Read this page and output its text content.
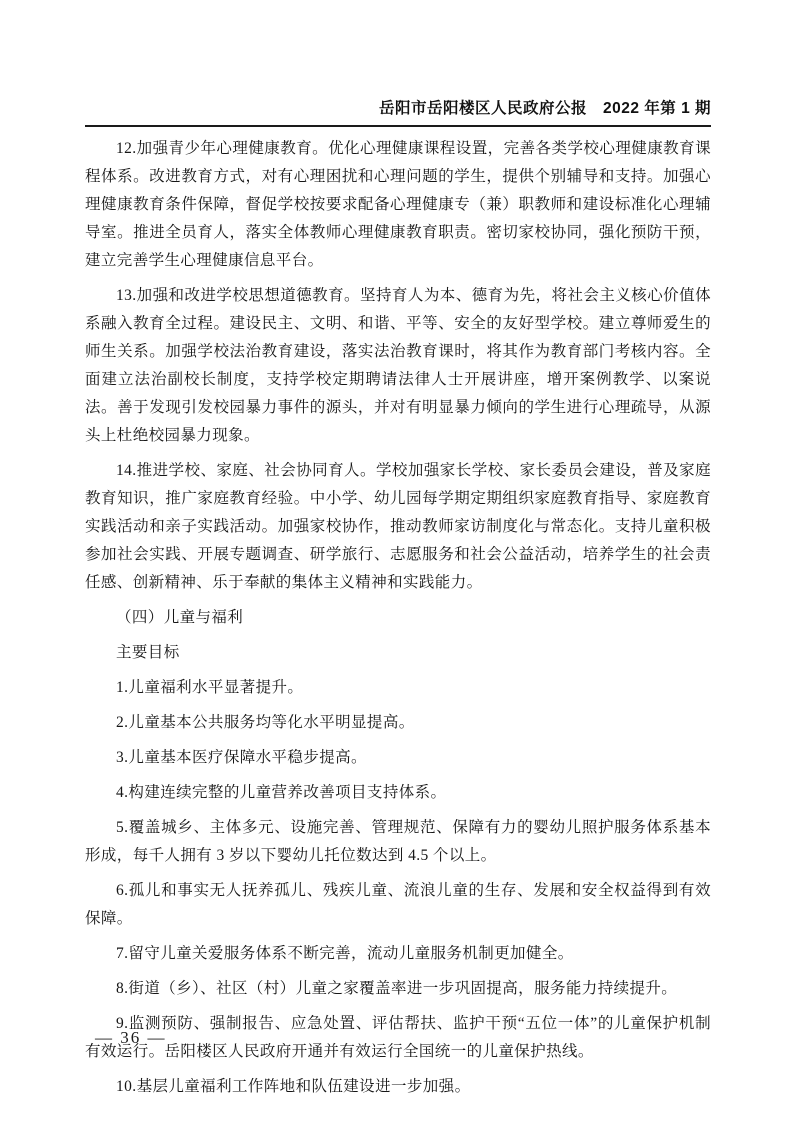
岳阳市岳阳楼区人民政府公报　2022 年第 1 期

12.加强青少年心理健康教育。优化心理健康课程设置，完善各类学校心理健康教育课程体系。改进教育方式，对有心理困扰和心理问题的学生，提供个别辅导和支持。加强心理健康教育条件保障，督促学校按要求配备心理健康专（兼）职教师和建设标准化心理辅导室。推进全员育人，落实全体教师心理健康教育职责。密切家校协同，强化预防干预，建立完善学生心理健康信息平台。

13.加强和改进学校思想道德教育。坚持育人为本、德育为先，将社会主义核心价值体系融入教育全过程。建设民主、文明、和谐、平等、安全的友好型学校。建立尊师爱生的师生关系。加强学校法治教育建设，落实法治教育课时，将其作为教育部门考核内容。全面建立法治副校长制度，支持学校定期聘请法律人士开展讲座，增开案例教学、以案说法。善于发现引发校园暴力事件的源头，并对有明显暴力倾向的学生进行心理疏导，从源头上杜绝校园暴力现象。

14.推进学校、家庭、社会协同育人。学校加强家长学校、家长委员会建设，普及家庭教育知识，推广家庭教育经验。中小学、幼儿园每学期定期组织家庭教育指导、家庭教育实践活动和亲子实践活动。加强家校协作，推动教师家访制度化与常态化。支持儿童积极参加社会实践、开展专题调查、研学旅行、志愿服务和社会公益活动，培养学生的社会责任感、创新精神、乐于奉献的集体主义精神和实践能力。

（四）儿童与福利

主要目标

1.儿童福利水平显著提升。

2.儿童基本公共服务均等化水平明显提高。

3.儿童基本医疗保障水平稳步提高。

4.构建连续完整的儿童营养改善项目支持体系。

5.覆盖城乡、主体多元、设施完善、管理规范、保障有力的婴幼儿照护服务体系基本形成，每千人拥有 3 岁以下婴幼儿托位数达到 4.5 个以上。

6.孤儿和事实无人抚养孤儿、残疾儿童、流浪儿童的生存、发展和安全权益得到有效保障。

7.留守儿童关爱服务体系不断完善，流动儿童服务机制更加健全。

8.街道（乡）、社区（村）儿童之家覆盖率进一步巩固提高，服务能力持续提升。

9.监测预防、强制报告、应急处置、评估帮扶、监护干预“五位一体”的儿童保护机制有效运行。岳阳楼区人民政府开通并有效运行全国统一的儿童保护热线。

10.基层儿童福利工作阵地和队伍建设进一步加强。

— 36 —
